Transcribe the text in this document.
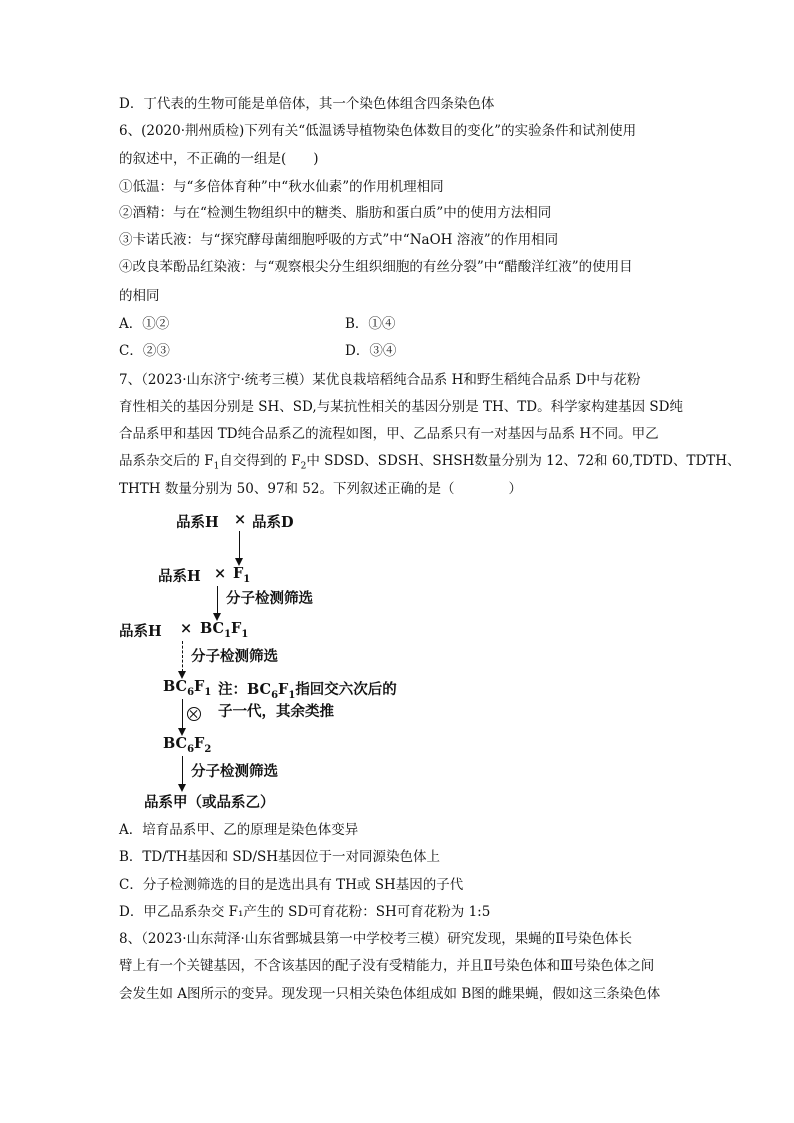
D．丁代表的生物可能是单倍体，其一个染色体组含四条染色体
6、(2020·荆州质检)下列有关“低温诱导植物染色体数目的变化”的实验条件和试剂使用
的叙述中，不正确的一组是(　　)
①低温：与“多倍体育种”中“秋水仙素”的作用机理相同
②酒精：与在“检测生物组织中的糖类、脂肪和蛋白质”中的使用方法相同
③卡诺氏液：与“探究酵母菌细胞呼吸的方式”中“NaOH 溶液”的作用相同
④改良苯酚品红染液：与“观察根尖分生组织细胞的有丝分裂”中“醋酸洋红液”的使用目
的相同
A．①②	B．①④
C．②③	D．③④
7、（2023·山东济宁·统考三模）某优良栽培稻纯合品系 H和野生稻纯合品系 D中与花粉
育性相关的基因分别是 SH、SD,与某抗性相关的基因分别是 TH、TD。科学家构建基因 SD纯
合品系甲和基因 TD纯合品系乙的流程如图，甲、乙品系只有一对基因与品系 H不同。甲乙
品系杂交后的 $F_1$自交得到的 $F_2$中 SDSD、SDSH、SHSH数量分别为 12、72和 60,TDTD、TDTH、
THTH 数量分别为 50、97和 52。下列叙述正确的是（　　　　）
品系H × 品系D
品系$H \times F_1$
分子检测筛选
品系$H \times BC_1F_1$
分子检测筛选
$BC_6F_1$ 注：$BC_6F_1$指回交六次后的
子一代，其余类推
$BC_6F_2$
分子检测筛选
品系甲（或品系乙）
A．培育品系甲、乙的原理是染色体变异
B．TD/TH基因和 SD/SH基因位于一对同源染色体上
C．分子检测筛选的目的是选出具有 TH或 SH基因的子代
D．甲乙品系杂交 F₁产生的 SD可育花粉：SH可育花粉为 1:5
8、（2023·山东菏泽·山东省鄄城县第一中学校考三模）研究发现，果蝇的Ⅱ号染色体长
臂上有一个关键基因，不含该基因的配子没有受精能力，并且Ⅱ号染色体和Ⅲ号染色体之间
会发生如 A图所示的变异。现发现一只相关染色体组成如 B图的雌果蝇，假如这三条染色体
